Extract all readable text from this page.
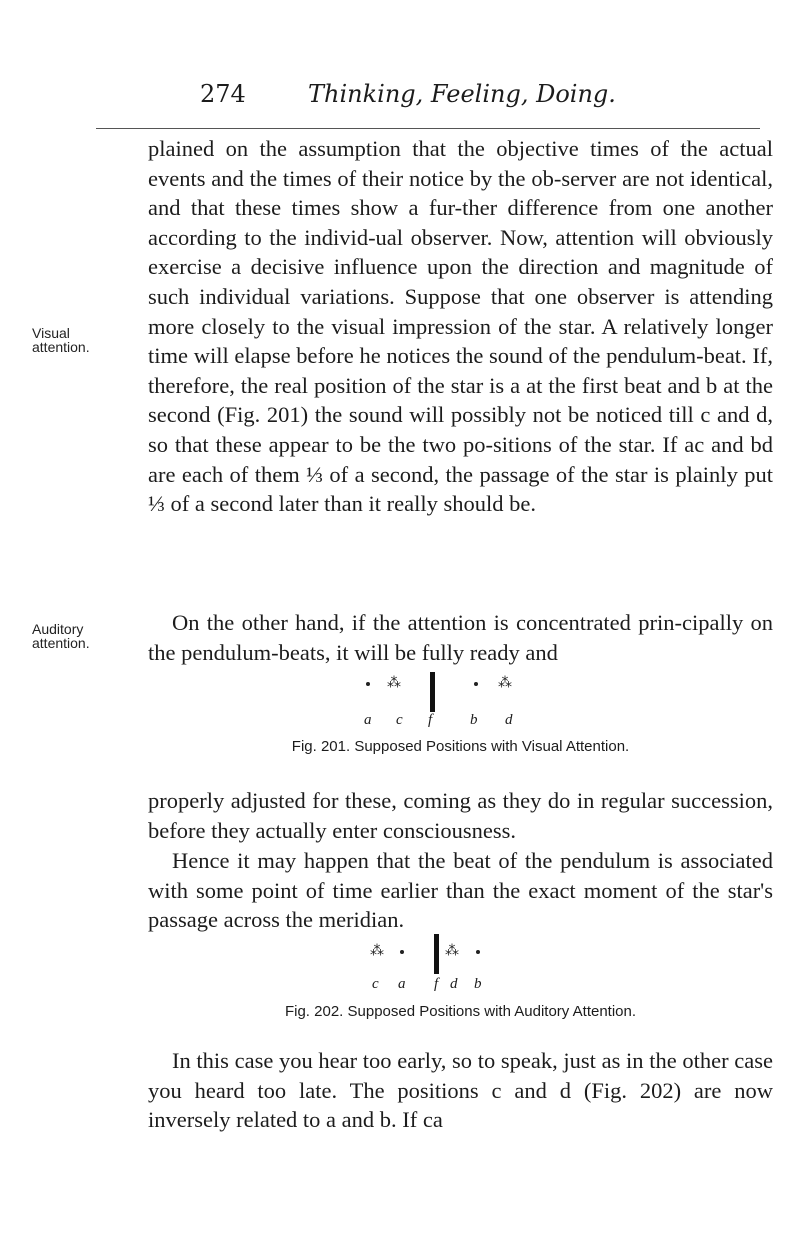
274	Thinking, Feeling, Doing.
Visual
attention.
plained on the assumption that the objective times of the actual events and the times of their notice by the ob-server are not identical, and that these times show a fur-ther difference from one another according to the individ-ual observer. Now, attention will obviously exercise a decisive influence upon the direction and magnitude of such individual variations. Suppose that one observer is attending more closely to the visual impression of the star. A relatively longer time will elapse before he notices the sound of the pendulum-beat. If, therefore, the real position of the star is a at the first beat and b at the second (Fig. 201) the sound will possibly not be noticed till c and d, so that these appear to be the two po-sitions of the star. If ac and bd are each of them ⅓ of a second, the passage of the star is plainly put ⅓ of a second later than it really should be.
Auditory
attention.
On the other hand, if the attention is concentrated prin-cipally on the pendulum-beats, it will be fully ready and
⁂	⁂
a c f	b d
Fig. 201. Supposed Positions with Visual Attention.
properly adjusted for these, coming as they do in regular succession, before they actually enter consciousness.
Hence it may happen that the beat of the pendulum is associated with some point of time earlier than the exact moment of the star's passage across the meridian.
⁂	⁂
c a f d b
Fig. 202. Supposed Positions with Auditory Attention.
In this case you hear too early, so to speak, just as in the other case you heard too late. The positions c and d (Fig. 202) are now inversely related to a and b. If ca
